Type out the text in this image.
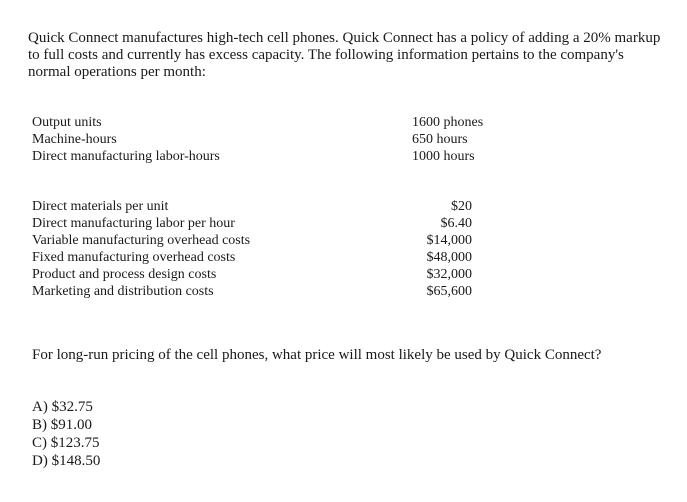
Quick Connect manufactures high-tech cell phones. Quick Connect has a policy of adding a 20% markup to full costs and currently has excess capacity. The following information pertains to the company's normal operations per month:

Output units	1600 phones
Machine-hours	650 hours
Direct manufacturing labor-hours	1000 hours
Direct materials per unit	$20
Direct manufacturing labor per hour	$6.40
Variable manufacturing overhead costs	$14,000
Fixed manufacturing overhead costs	$48,000
Product and process design costs	$32,000
Marketing and distribution costs	$65,600

For long-run pricing of the cell phones, what price will most likely be used by Quick Connect?

A) $32.75
B) $91.00
C) $123.75
D) $148.50
